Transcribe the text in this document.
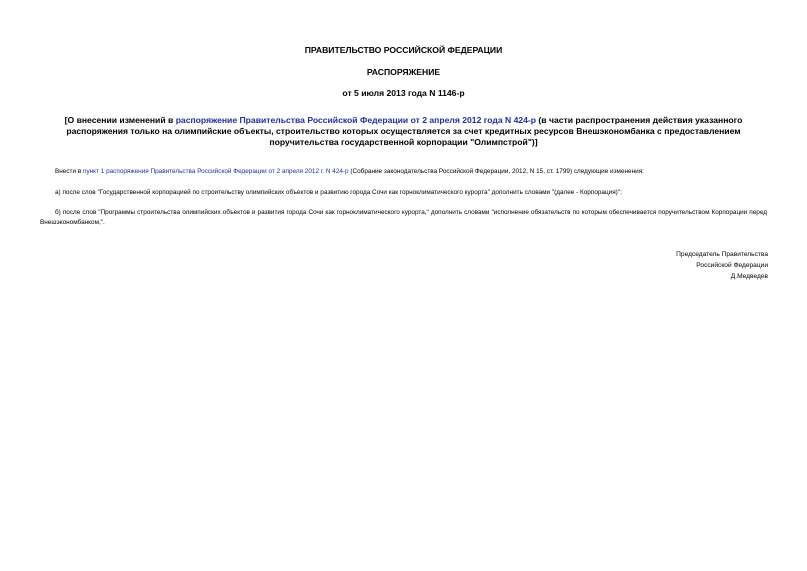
ПРАВИТЕЛЬСТВО РОССИЙСКОЙ ФЕДЕРАЦИИ
РАСПОРЯЖЕНИЕ
от 5 июля 2013 года N 1146-р
[О внесении изменений в распоряжение Правительства Российской Федерации от 2 апреля 2012 года N 424-р (в части распространения действия указанного распоряжения только на олимпийские объекты, строительство которых осуществляется за счет кредитных ресурсов Внешэкономбанка с предоставлением поручительства государственной корпорации "Олимпстрой")]
Внести в пункт 1 распоряжения Правительства Российской Федерации от 2 апреля 2012 г. N 424-р (Собрание законодательства Российской Федерации, 2012, N 15, ст. 1799) следующие изменения:
а) после слов "Государственной корпорацией по строительству олимпийских объектов и развитию города Сочи как горноклиматического курорта" дополнить словами "(далее - Корпорация)";
б) после слов "Программы строительства олимпийских объектов и развития города Сочи как горноклиматического курорта," дополнить словами "исполнение обязательств по которым обеспечивается поручительством Корпорации перед Внешэкономбанком,".
Председатель Правительства
Российской Федерации
Д.Медведев
